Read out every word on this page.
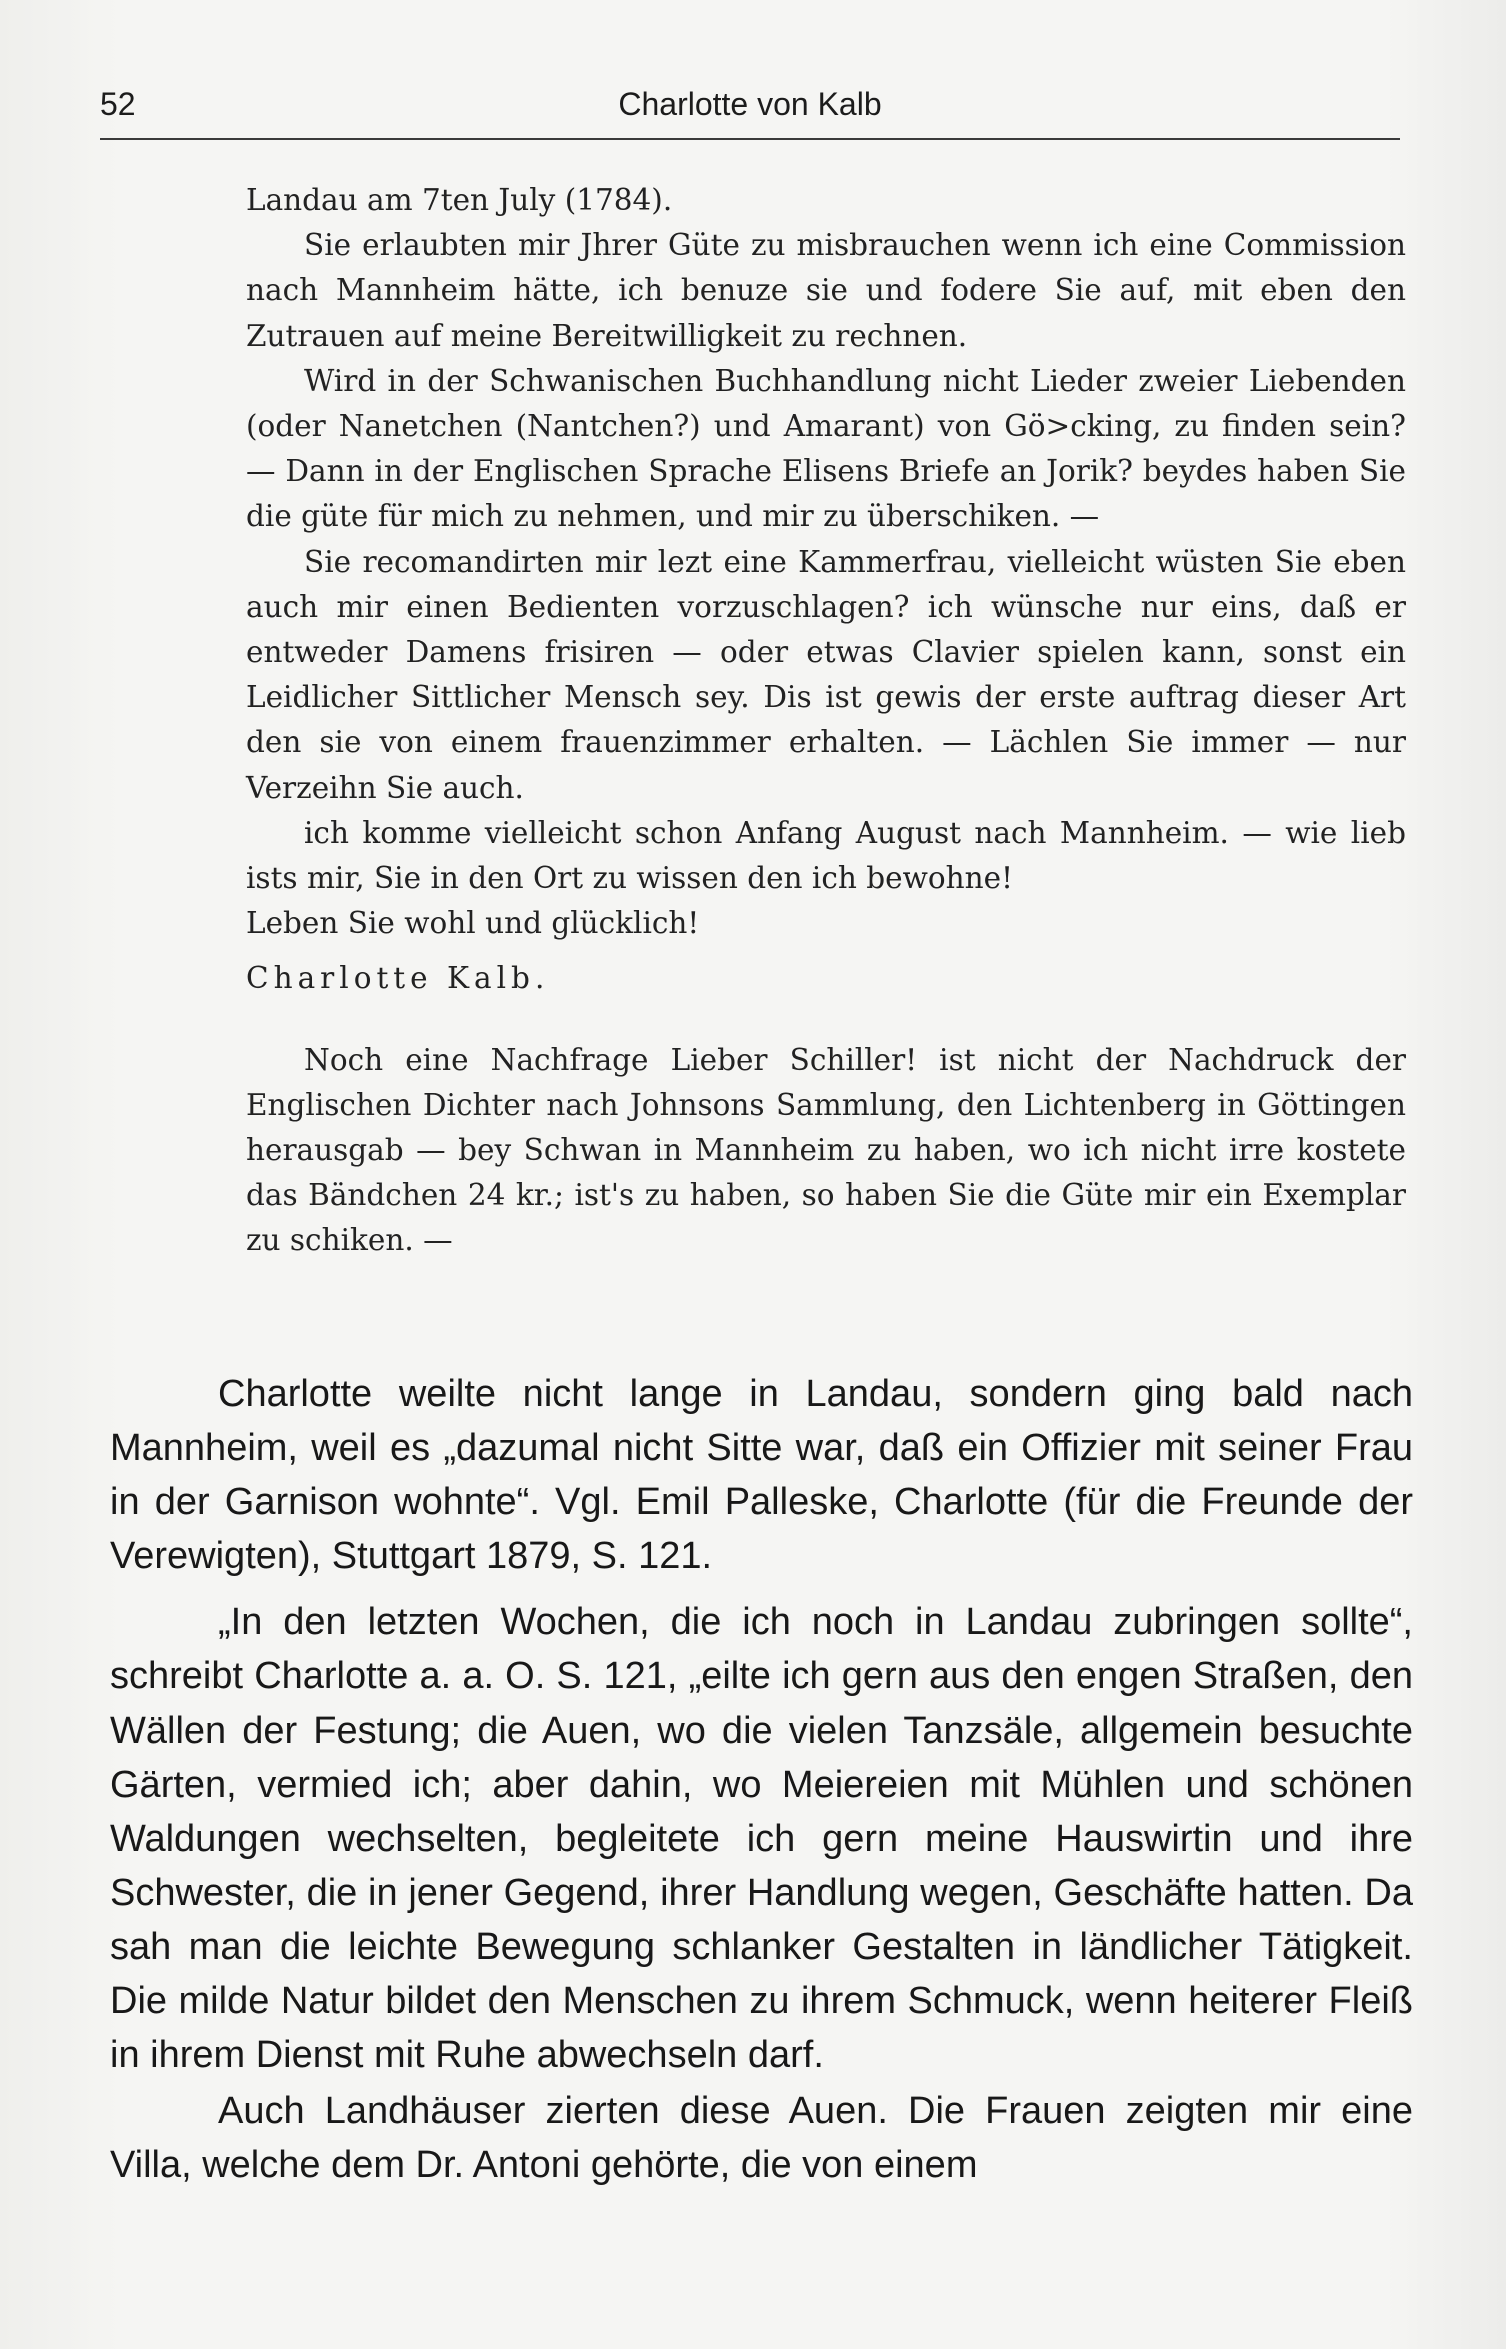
52	Charlotte von Kalb

Landau am 7ten July (1784).

Sie erlaubten mir Jhrer Güte zu misbrauchen wenn ich eine Commission nach Mannheim hätte, ich benuze sie und fodere Sie auf, mit eben den Zutrauen auf meine Bereitwilligkeit zu rechnen.

Wird in der Schwanischen Buchhandlung nicht Lieder zweier Liebenden (oder Nanetchen (Nantchen?) und Amarant) von Gö>cking, zu finden sein? — Dann in der Englischen Sprache Elisens Briefe an Jorik? beydes haben Sie die güte für mich zu nehmen, und mir zu überschiken. —

Sie recomandirten mir lezt eine Kammerfrau, vielleicht wüsten Sie eben auch mir einen Bedienten vorzuschlagen? ich wünsche nur eins, daß er entweder Damens frisiren — oder etwas Clavier spielen kann, sonst ein Leidlicher Sittlicher Mensch sey. Dis ist gewis der erste auftrag dieser Art den sie von einem frauenzimmer erhalten. — Lächlen Sie immer — nur Verzeihn Sie auch.

ich komme vielleicht schon Anfang August nach Mannheim. — wie lieb ists mir, Sie in den Ort zu wissen den ich bewohne!

Leben Sie wohl und glücklich!

Charlotte Kalb.

Noch eine Nachfrage Lieber Schiller! ist nicht der Nachdruck der Englischen Dichter nach Johnsons Sammlung, den Lichtenberg in Göttingen herausgab — bey Schwan in Mannheim zu haben, wo ich nicht irre kostete das Bändchen 24 kr.; ist's zu haben, so haben Sie die Güte mir ein Exemplar zu schiken. —

Charlotte weilte nicht lange in Landau, sondern ging bald nach Mannheim, weil es „dazumal nicht Sitte war, daß ein Offizier mit seiner Frau in der Garnison wohnte“. Vgl. Emil Palleske, Charlotte (für die Freunde der Verewigten), Stuttgart 1879, S. 121.

„In den letzten Wochen, die ich noch in Landau zubringen sollte“, schreibt Charlotte a. a. O. S. 121, „eilte ich gern aus den engen Straßen, den Wällen der Festung; die Auen, wo die vielen Tanzsäle, allgemein besuchte Gärten, vermied ich; aber dahin, wo Meiereien mit Mühlen und schönen Waldungen wechselten, begleitete ich gern meine Hauswirtin und ihre Schwester, die in jener Gegend, ihrer Handlung wegen, Geschäfte hatten. Da sah man die leichte Bewegung schlanker Gestalten in ländlicher Tätigkeit. Die milde Natur bildet den Menschen zu ihrem Schmuck, wenn heiterer Fleiß in ihrem Dienst mit Ruhe abwechseln darf.

Auch Landhäuser zierten diese Auen. Die Frauen zeigten mir eine Villa, welche dem Dr. Antoni gehörte, die von einem
